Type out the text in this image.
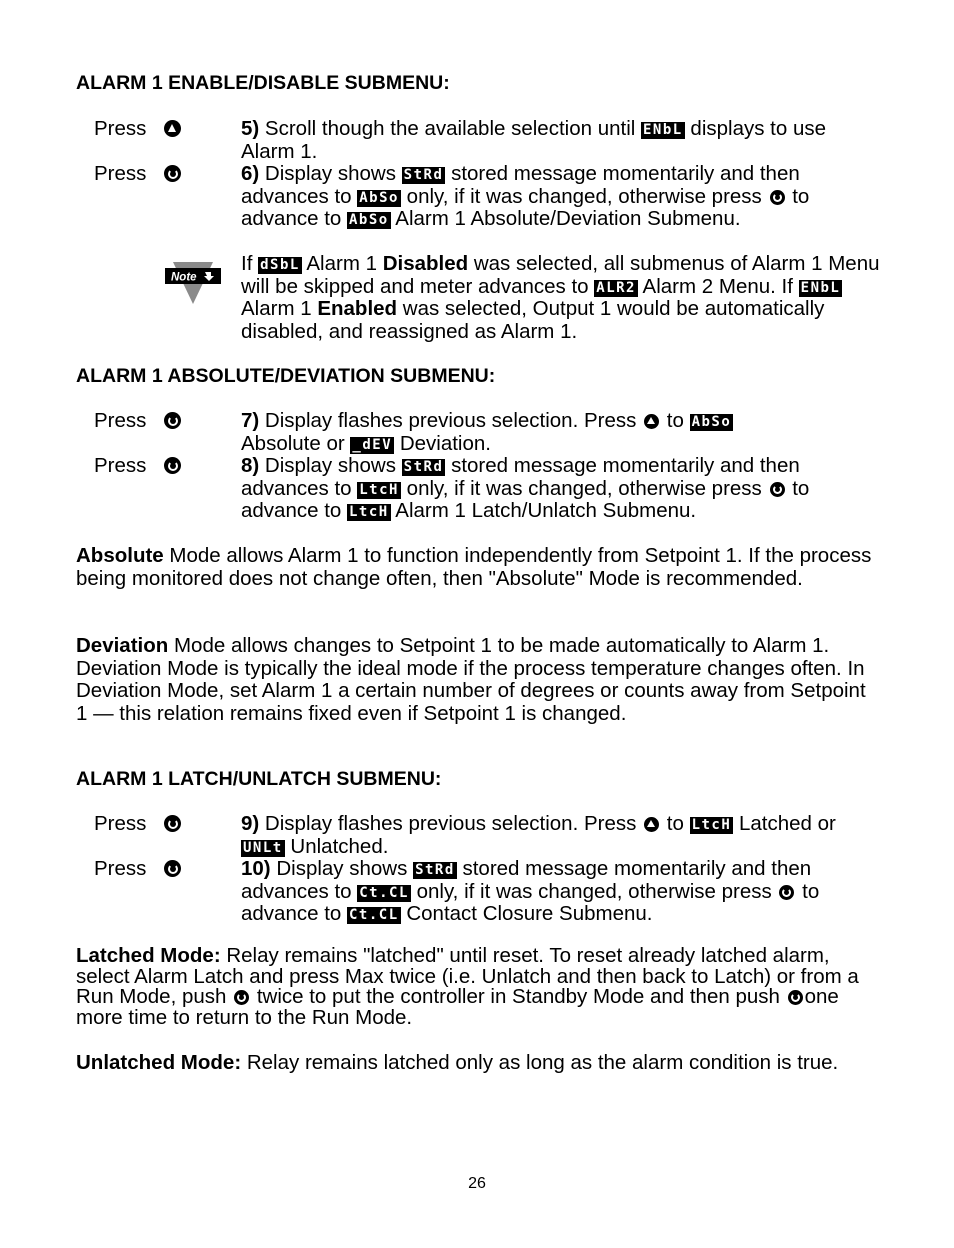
ALARM 1 ENABLE/DISABLE SUBMENU:
Press	5) Scroll though the available selection until ENbL displays to use Alarm 1.
Press	6) Display shows StRd stored message momentarily and then advances to AbSo only, if it was changed, otherwise press  to advance to AbSo Alarm 1 Absolute/Deviation Submenu.
Note
If dSbL Alarm 1 Disabled was selected, all submenus of Alarm 1 Menu will be skipped and meter advances to ALR2 Alarm 2 Menu. If ENbL Alarm 1 Enabled was selected, Output 1 would be automatically disabled, and reassigned as Alarm 1.
ALARM 1 ABSOLUTE/DEVIATION SUBMENU:
Press	7) Display flashes previous selection. Press  to AbSo
Absolute or _dEV Deviation.
Press	8) Display shows StRd stored message momentarily and then advances to LtcH only, if it was changed, otherwise press  to advance to LtcH Alarm 1 Latch/Unlatch Submenu.
Absolute Mode allows Alarm 1 to function independently from Setpoint 1. If the process being monitored does not change often, then "Absolute" Mode is recommended.
Deviation Mode allows changes to Setpoint 1 to be made automatically to Alarm 1. Deviation Mode is typically the ideal mode if the process temperature changes often. In Deviation Mode, set Alarm 1 a certain number of degrees or counts away from Setpoint 1 — this relation remains fixed even if Setpoint 1 is changed.
ALARM 1 LATCH/UNLATCH SUBMENU:
Press	9) Display flashes previous selection. Press  to LtcH Latched or UNLt Unlatched.
Press	10) Display shows StRd stored message momentarily and then advances to Ct.CL only, if it was changed, otherwise press  to advance to Ct.CL Contact Closure Submenu.
Latched Mode: Relay remains "latched" until reset. To reset already latched alarm, select Alarm Latch and press Max twice (i.e. Unlatch and then back to Latch) or from a Run Mode, push  twice to put the controller in Standby Mode and then push one more time to return to the Run Mode.
Unlatched Mode: Relay remains latched only as long as the alarm condition is true.
26
